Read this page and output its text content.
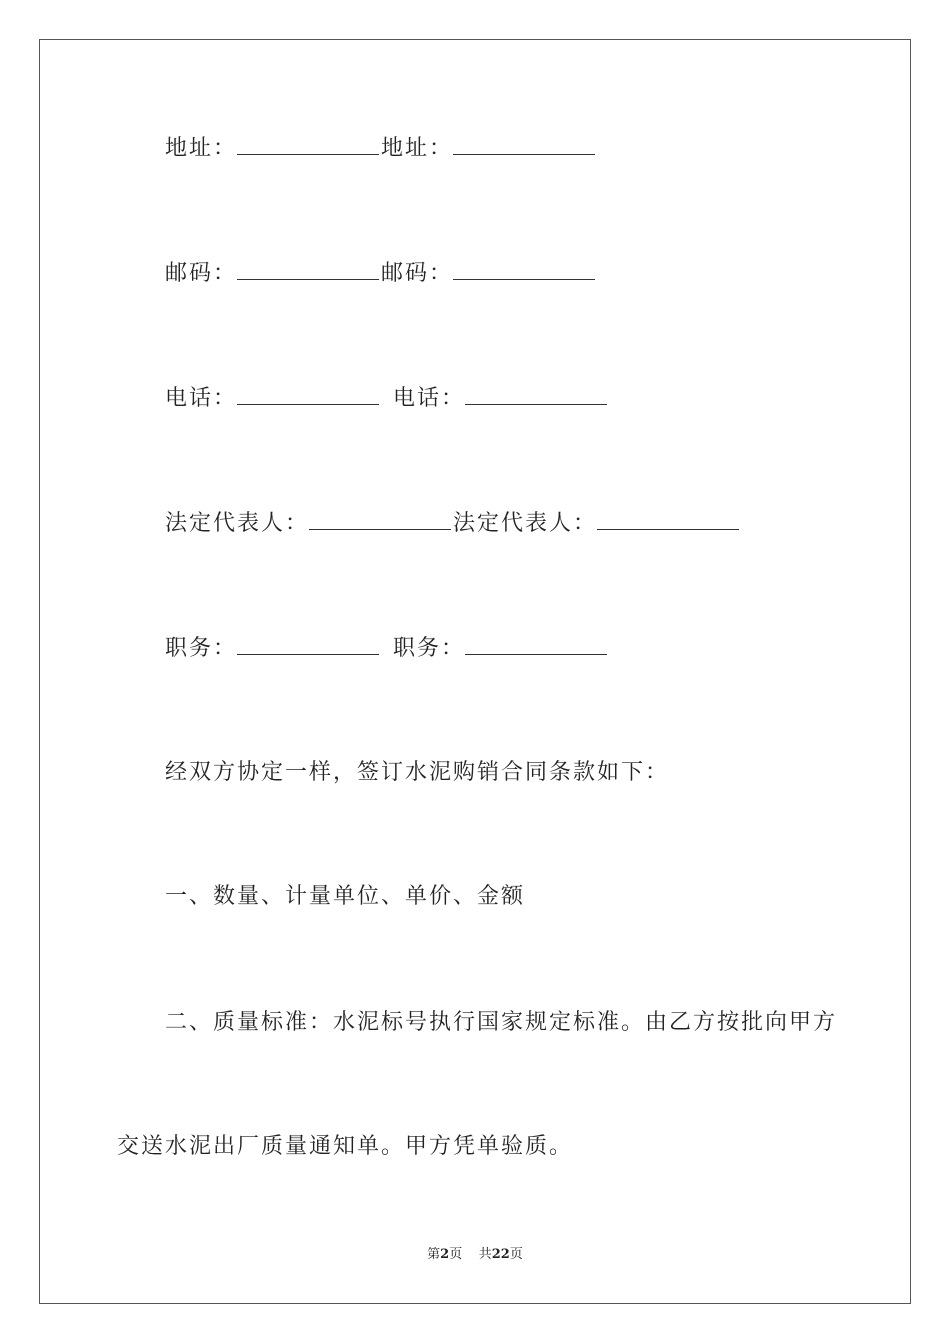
地址：	地址：
邮码：	邮码：
电话：	电话：
法定代表人：	法定代表人：
职务：	职务：
经双方协定一样，签订水泥购销合同条款如下：
一、数量、计量单位、单价、金额
二、质量标准：水泥标号执行国家规定标准。由乙方按批向甲方
交送水泥出厂质量通知单。甲方凭单验质。
第2页 共22页
